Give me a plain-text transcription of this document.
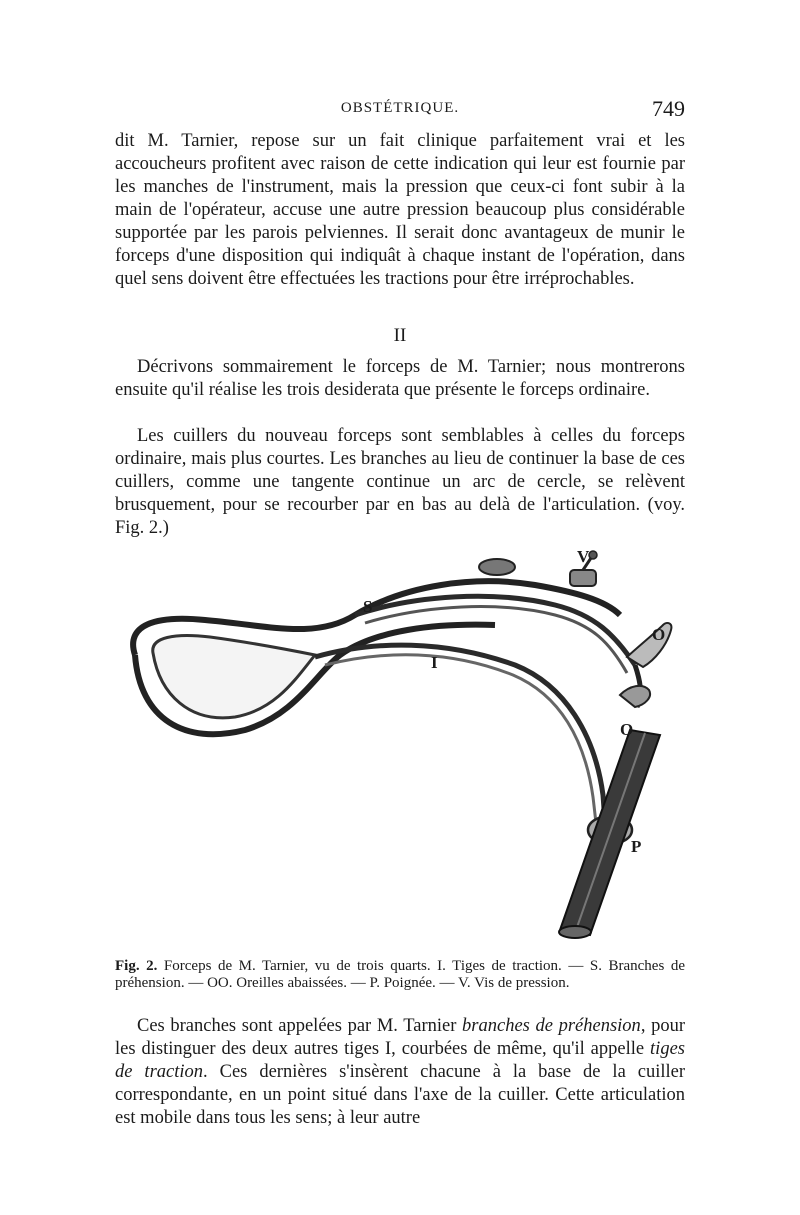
OBSTÉTRIQUE.	749

dit M. Tarnier, repose sur un fait clinique parfaitement vrai et les accoucheurs profitent avec raison de cette indication qui leur est fournie par les manches de l'instrument, mais la pression que ceux-ci font subir à la main de l'opérateur, accuse une autre pression beaucoup plus considérable supportée par les parois pelviennes. Il serait donc avantageux de munir le forceps d'une disposition qui indiquât à chaque instant de l'opération, dans quel sens doivent être effectuées les tractions pour être irréprochables.

II

Décrivons sommairement le forceps de M. Tarnier; nous montrerons ensuite qu'il réalise les trois desiderata que présente le forceps ordinaire.

Les cuillers du nouveau forceps sont semblables à celles du forceps ordinaire, mais plus courtes. Les branches au lieu de continuer la base de ces cuillers, comme une tangente continue un arc de cercle, se relèvent brusquement, pour se recourber par en bas au delà de l'articulation. (voy. Fig. 2.)

V
S
I
O
O
P
Fig. 2. Forceps de M. Tarnier, vu de trois quarts. I. Tiges de traction. — S. Branches de préhension. — OO. Oreilles abaissées. — P. Poignée. — V. Vis de pression.

Ces branches sont appelées par M. Tarnier branches de préhension, pour les distinguer des deux autres tiges I, courbées de même, qu'il appelle tiges de traction. Ces dernières s'insèrent chacune à la base de la cuiller correspondante, en un point situé dans l'axe de la cuiller. Cette articulation est mobile dans tous les sens; à leur autre
